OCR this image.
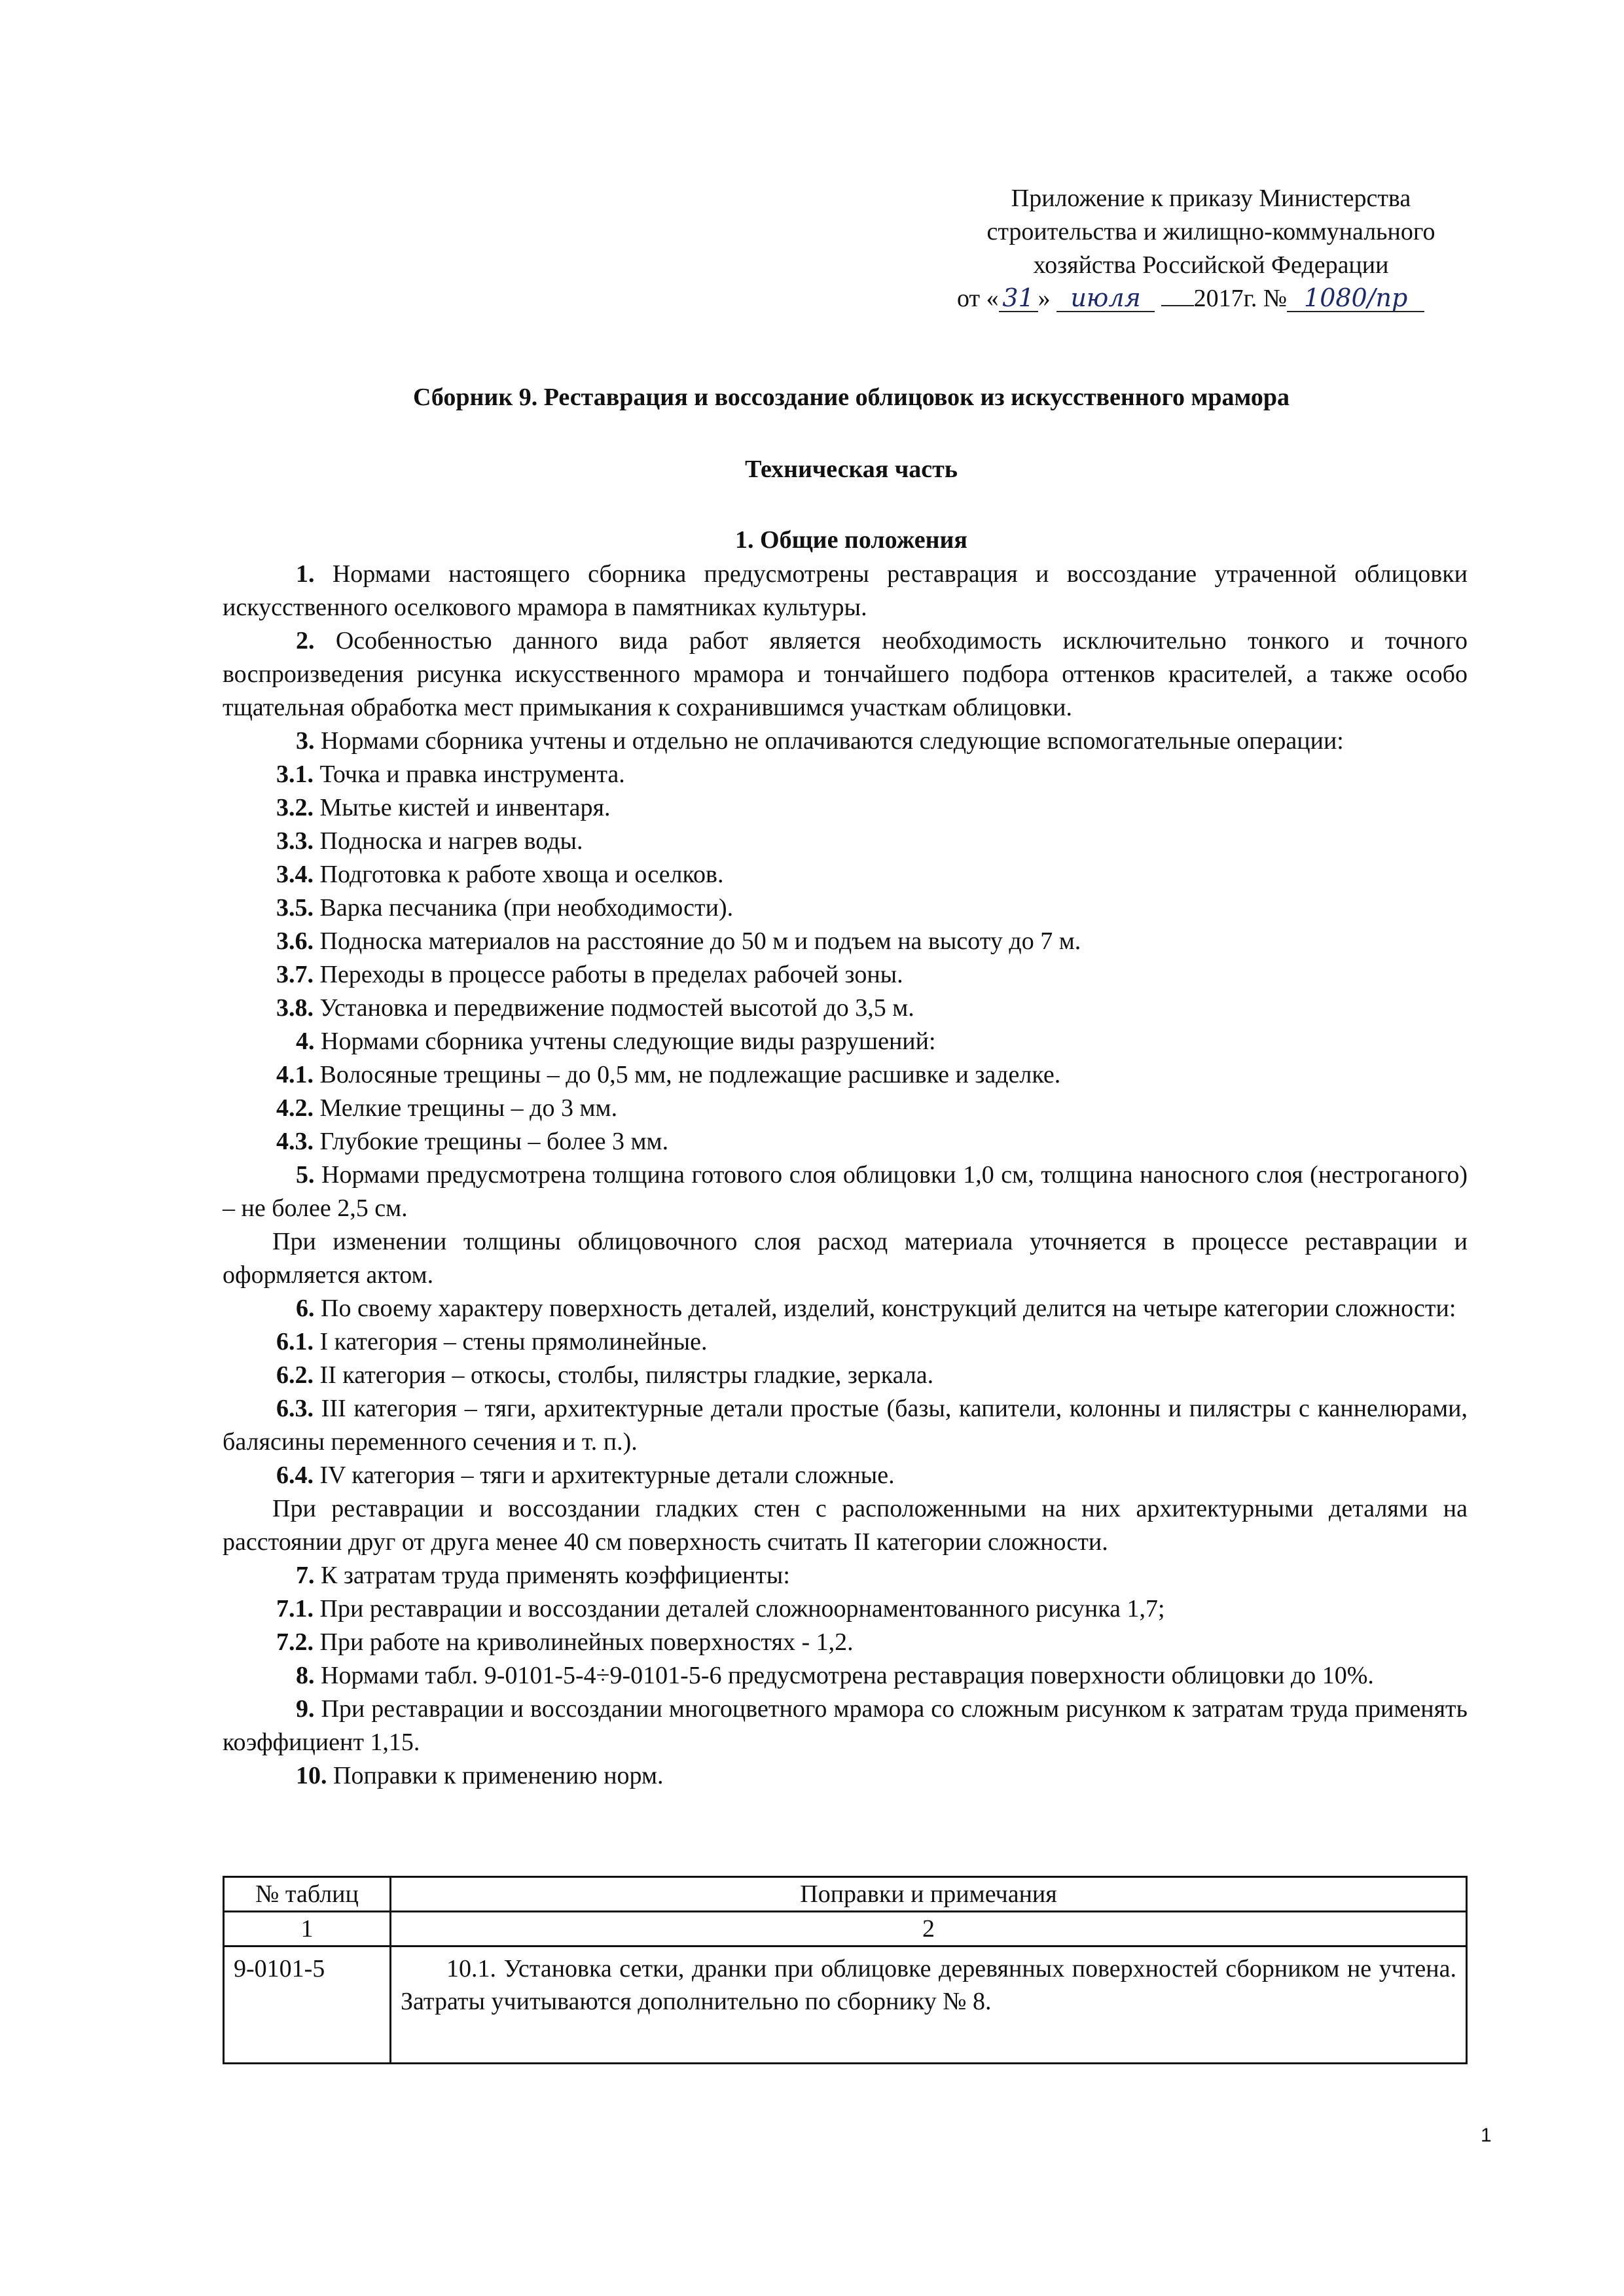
Приложение к приказу Министерства
строительства и жилищно-коммунального
хозяйства Российской Федерации
от « 31 » июля 2017г. № 1080/пр
Сборник 9. Реставрация и воссоздание облицовок из искусственного мрамора
Техническая часть
1. Общие положения

1. Нормами настоящего сборника предусмотрены реставрация и воссоздание утраченной облицовки искусственного оселкового мрамора в памятниках культуры.

2. Особенностью данного вида работ является необходимость исключительно тонкого и точного воспроизведения рисунка искусственного мрамора и тончайшего подбора оттенков красителей, а также особо тщательная обработка мест примыкания к сохранившимся участкам облицовки.

3. Нормами сборника учтены и отдельно не оплачиваются следующие вспомогательные операции:

3.1. Точка и правка инструмента.

3.2. Мытье кистей и инвентаря.

3.3. Подноска и нагрев воды.

3.4. Подготовка к работе хвоща и оселков.

3.5. Варка песчаника (при необходимости).

3.6. Подноска материалов на расстояние до 50 м и подъем на высоту до 7 м.

3.7. Переходы в процессе работы в пределах рабочей зоны.

3.8. Установка и передвижение подмостей высотой до 3,5 м.

4. Нормами сборника учтены следующие виды разрушений:

4.1. Волосяные трещины – до 0,5 мм, не подлежащие расшивке и заделке.

4.2. Мелкие трещины – до 3 мм.

4.3. Глубокие трещины – более 3 мм.

5. Нормами предусмотрена толщина готового слоя облицовки 1,0 см, толщина наносного слоя (нестроганого) – не более 2,5 см.

При изменении толщины облицовочного слоя расход материала уточняется в процессе реставрации и оформляется актом.

6. По своему характеру поверхность деталей, изделий, конструкций делится на четыре категории сложности:

6.1. I категория – стены прямолинейные.

6.2. II категория – откосы, столбы, пилястры гладкие, зеркала.

6.3. III категория – тяги, архитектурные детали простые (базы, капители, колонны и пилястры с каннелюрами, балясины переменного сечения и т. п.).

6.4. IV категория – тяги и архитектурные детали сложные.

При реставрации и воссоздании гладких стен с расположенными на них архитектурными деталями на расстоянии друг от друга менее 40 см поверхность считать II категории сложности.

7. К затратам труда применять коэффициенты:

7.1. При реставрации и воссоздании деталей сложноорнаментованного рисунка 1,7;

7.2. При работе на криволинейных поверхностях - 1,2.

8. Нормами табл. 9-0101-5-4÷9-0101-5-6 предусмотрена реставрация поверхности облицовки до 10%.

9. При реставрации и воссоздании многоцветного мрамора со сложным рисунком к затратам труда применять коэффициент 1,15.

10. Поправки к применению норм.

№ таблиц	Поправки и примечания
1	2
9-0101-5	10.1. Установка сетки, дранки при облицовке деревянных поверхностей сборником не учтена. Затраты учитываются дополнительно по сборнику № 8.
1
